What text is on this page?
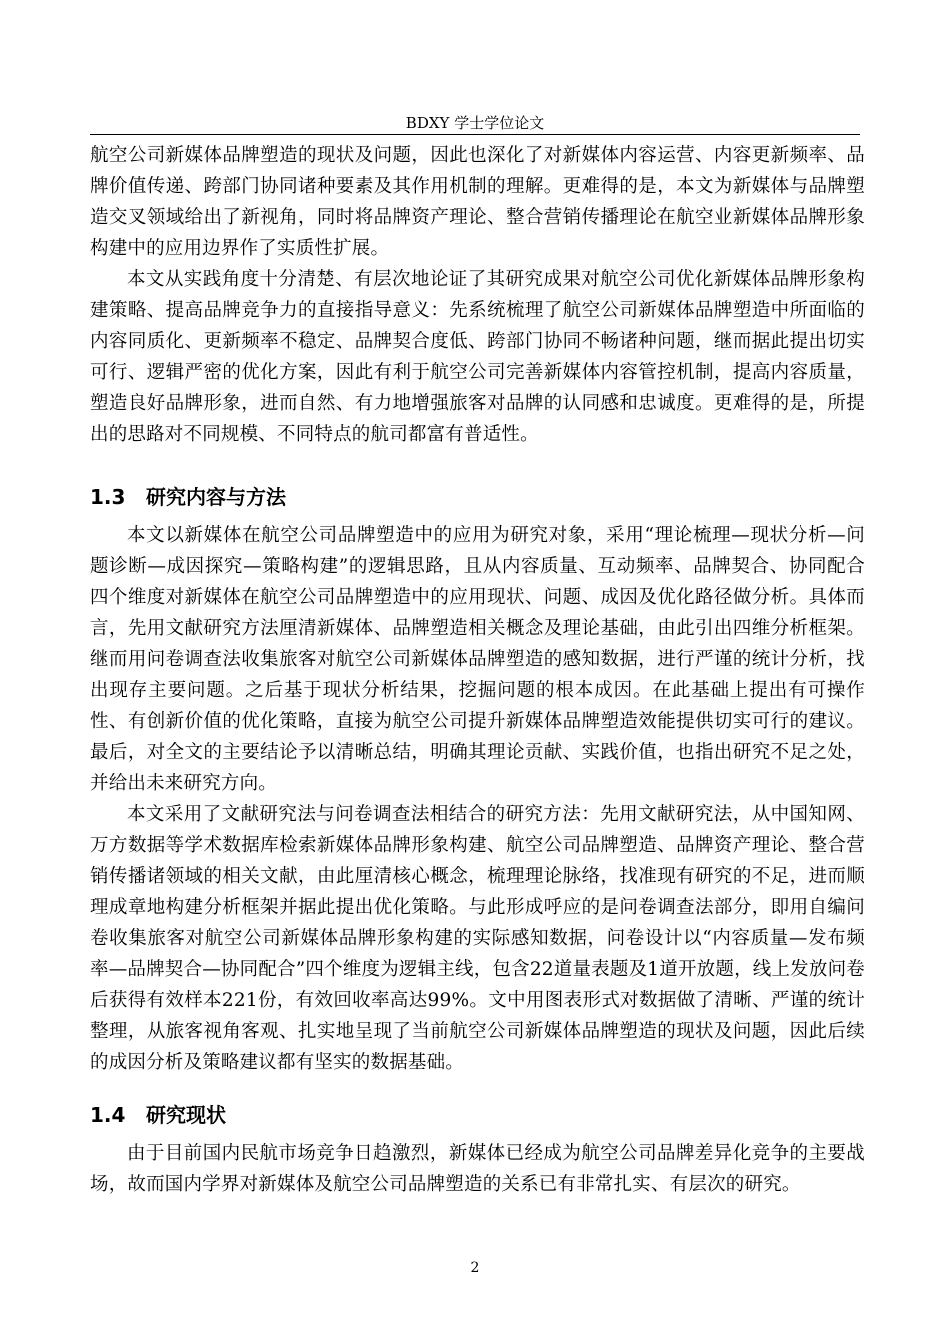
BDXY 学士学位论文

航空公司新媒体品牌塑造的现状及问题，因此也深化了对新媒体内容运营、内容更新频率、品牌价值传递、跨部门协同诸种要素及其作用机制的理解。更难得的是，本文为新媒体与品牌塑造交叉领域给出了新视角，同时将品牌资产理论、整合营销传播理论在航空业新媒体品牌形象构建中的应用边界作了实质性扩展。

本文从实践角度十分清楚、有层次地论证了其研究成果对航空公司优化新媒体品牌形象构建策略、提高品牌竞争力的直接指导意义：先系统梳理了航空公司新媒体品牌塑造中所面临的内容同质化、更新频率不稳定、品牌契合度低、跨部门协同不畅诸种问题，继而据此提出切实可行、逻辑严密的优化方案，因此有利于航空公司完善新媒体内容管控机制，提高内容质量，塑造良好品牌形象，进而自然、有力地增强旅客对品牌的认同感和忠诚度。更难得的是，所提出的思路对不同规模、不同特点的航司都富有普适性。

1.3 研究内容与方法

本文以新媒体在航空公司品牌塑造中的应用为研究对象，采用“理论梳理—现状分析—问题诊断—成因探究—策略构建”的逻辑思路，且从内容质量、互动频率、品牌契合、协同配合四个维度对新媒体在航空公司品牌塑造中的应用现状、问题、成因及优化路径做分析。具体而言，先用文献研究方法厘清新媒体、品牌塑造相关概念及理论基础，由此引出四维分析框架。继而用问卷调查法收集旅客对航空公司新媒体品牌塑造的感知数据，进行严谨的统计分析，找出现存主要问题。之后基于现状分析结果，挖掘问题的根本成因。在此基础上提出有可操作性、有创新价值的优化策略，直接为航空公司提升新媒体品牌塑造效能提供切实可行的建议。最后，对全文的主要结论予以清晰总结，明确其理论贡献、实践价值，也指出研究不足之处，并给出未来研究方向。

本文采用了文献研究法与问卷调查法相结合的研究方法：先用文献研究法，从中国知网、万方数据等学术数据库检索新媒体品牌形象构建、航空公司品牌塑造、品牌资产理论、整合营销传播诸领域的相关文献，由此厘清核心概念，梳理理论脉络，找准现有研究的不足，进而顺理成章地构建分析框架并据此提出优化策略。与此形成呼应的是问卷调查法部分，即用自编问卷收集旅客对航空公司新媒体品牌形象构建的实际感知数据，问卷设计以“内容质量—发布频率—品牌契合—协同配合”四个维度为逻辑主线，包含22道量表题及1道开放题，线上发放问卷后获得有效样本221份，有效回收率高达99%。文中用图表形式对数据做了清晰、严谨的统计整理，从旅客视角客观、扎实地呈现了当前航空公司新媒体品牌塑造的现状及问题，因此后续的成因分析及策略建议都有坚实的数据基础。

1.4 研究现状

由于目前国内民航市场竞争日趋激烈，新媒体已经成为航空公司品牌差异化竞争的主要战场，故而国内学界对新媒体及航空公司品牌塑造的关系已有非常扎实、有层次的研究。

2
